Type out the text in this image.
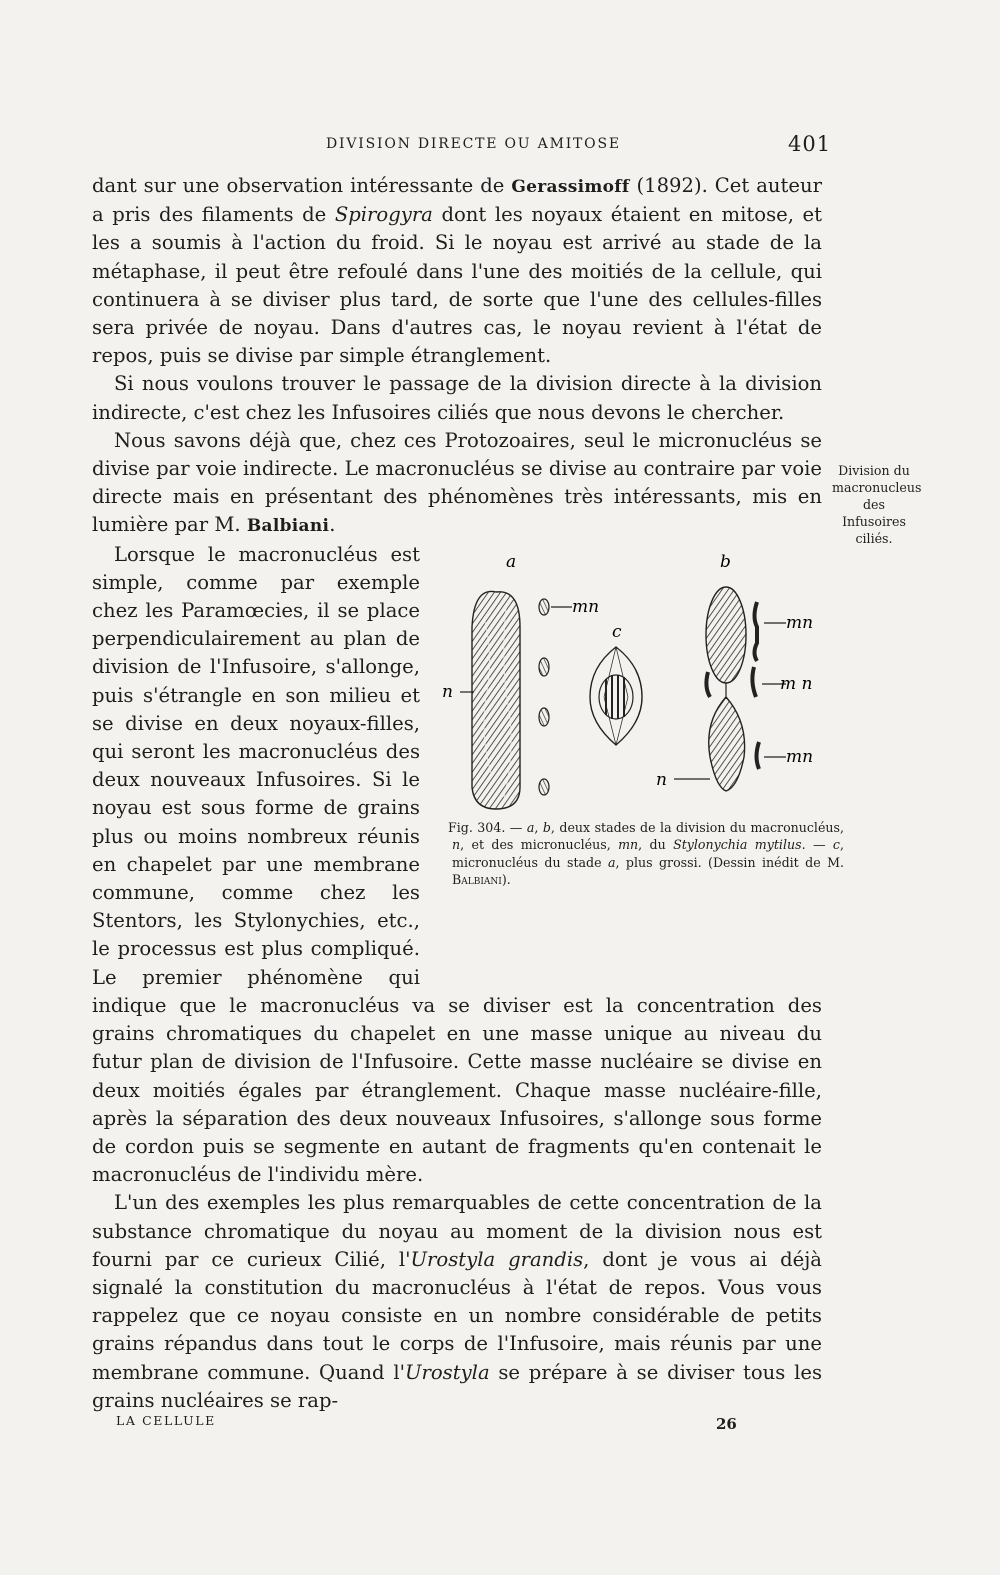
DIVISION DIRECTE OU AMITOSE	401
Division du
macronucleus
des Infusoires
ciliés.

dant sur une observation intéressante de Gerassimoff (1892). Cet auteur a pris des filaments de Spirogyra dont les noyaux étaient en mitose, et les a soumis à l'action du froid. Si le noyau est arrivé au stade de la métaphase, il peut être refoulé dans l'une des moitiés de la cellule, qui continuera à se diviser plus tard, de sorte que l'une des cellules-filles sera privée de noyau. Dans d'autres cas, le noyau revient à l'état de repos, puis se divise par simple étranglement.

Si nous voulons trouver le passage de la division directe à la division indirecte, c'est chez les Infusoires ciliés que nous devons le chercher.

Nous savons déjà que, chez ces Protozoaires, seul le micronucléus se divise par voie indirecte. Le macronucléus se divise au contraire par voie directe mais en présentant des phénomènes très intéressants, mis en lumière par M. Balbiani.

a	b
c
n
mn
mn
m n
mn
n
Fig. 304. — a, b, deux stades de la division du macronucléus, n, et des micronucléus, mn, du Stylonychia mytilus. — c, micronucléus du stade a, plus grossi. (Dessin inédit de M. Balbiani).
Lorsque le macronucléus est simple, comme par exemple chez les Paramœcies, il se place perpendiculairement au plan de division de l'Infusoire, s'allonge, puis s'étrangle en son milieu et se divise en deux noyaux-filles, qui seront les macronucléus des deux nouveaux Infusoires. Si le noyau est sous forme de grains plus ou moins nombreux réunis en chapelet par une membrane commune, comme chez les Stentors, les Stylonychies, etc., le processus est plus compliqué. Le premier phénomène qui indique que le macronucléus va se diviser est la concentration des grains chromatiques du chapelet en une masse unique au niveau du futur plan de division de l'Infusoire. Cette masse nucléaire se divise en deux moitiés égales par étranglement. Chaque masse nucléaire-fille, après la séparation des deux nouveaux Infusoires, s'allonge sous forme de cordon puis se segmente en autant de fragments qu'en contenait le macronucléus de l'individu mère.

L'un des exemples les plus remarquables de cette concentration de la substance chromatique du noyau au moment de la division nous est fourni par ce curieux Cilié, l'Urostyla grandis, dont je vous ai déjà signalé la constitution du macronucléus à l'état de repos. Vous vous rappelez que ce noyau consiste en un nombre considérable de petits grains répandus dans tout le corps de l'Infusoire, mais réunis par une membrane commune. Quand l'Urostyla se prépare à se diviser tous les grains nucléaires se rap-

LA CELLULE	26
